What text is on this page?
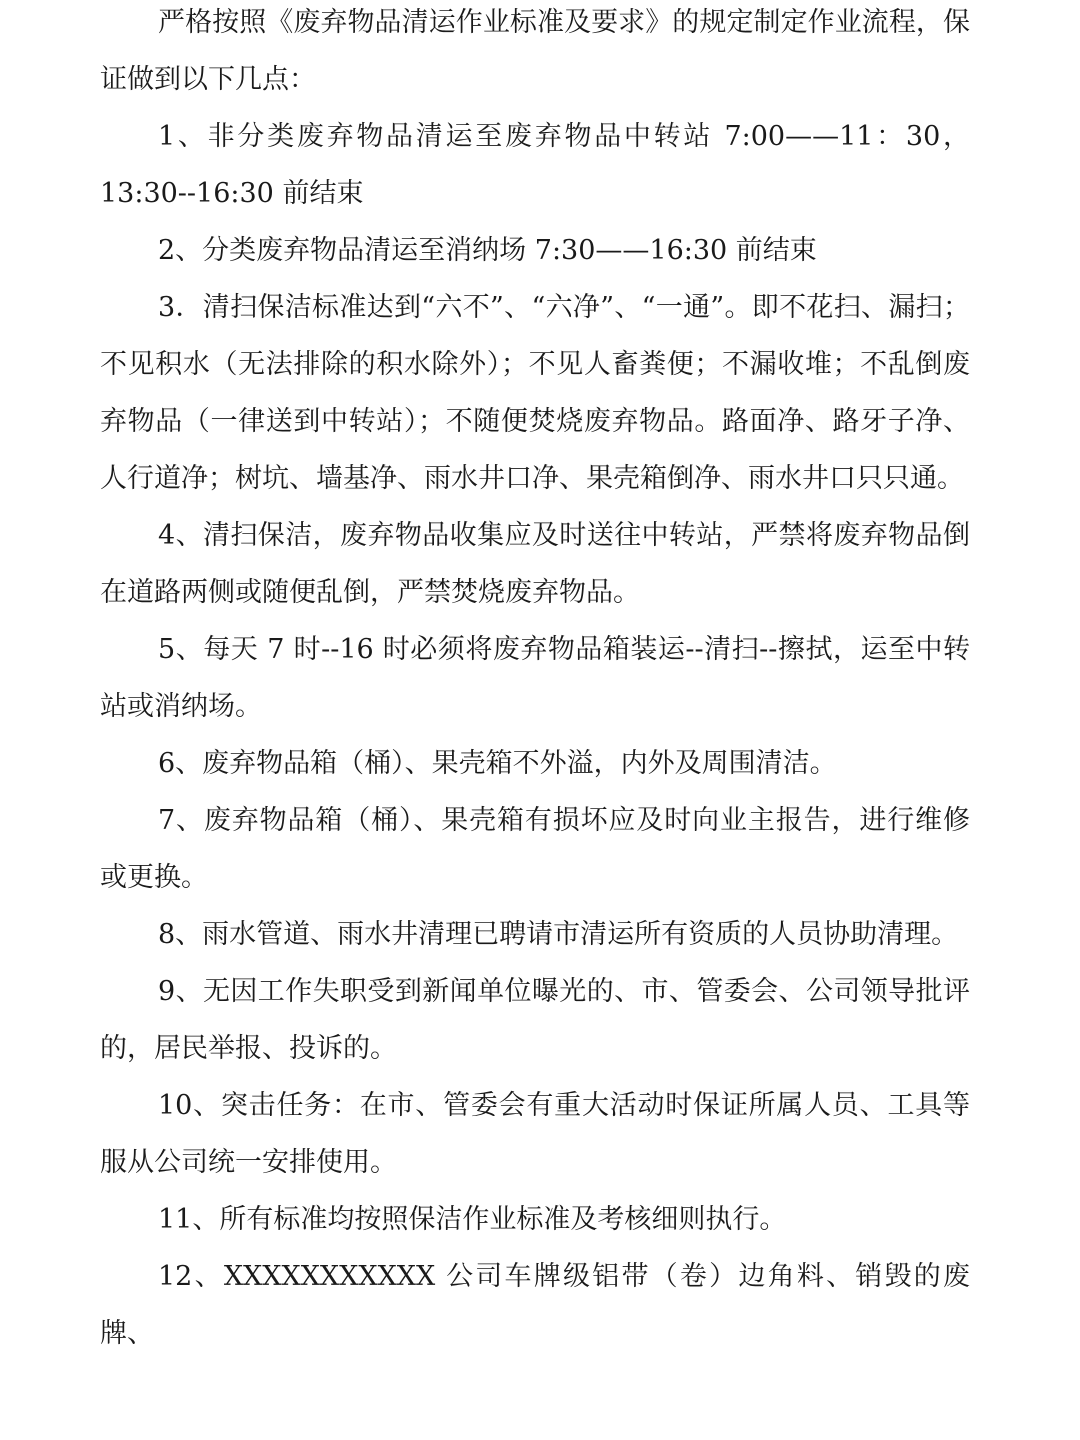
严格按照《废弃物品清运作业标准及要求》的规定制定作业流程，保证做到以下几点：

1、非分类废弃物品清运至废弃物品中转站 7:00——11：30，13:30--16:30 前结束

2、分类废弃物品清运至消纳场 7:30——16:30 前结束

3．清扫保洁标准达到“六不”、“六净”、“一通”。即不花扫、漏扫；不见积水（无法排除的积水除外）；不见人畜粪便；不漏收堆；不乱倒废弃物品（一律送到中转站）；不随便焚烧废弃物品。路面净、路牙子净、人行道净；树坑、墙基净、雨水井口净、果壳箱倒净、雨水井口只只通。

4、清扫保洁，废弃物品收集应及时送往中转站，严禁将废弃物品倒在道路两侧或随便乱倒，严禁焚烧废弃物品。

5、每天 7 时--16 时必须将废弃物品箱装运--清扫--擦拭，运至中转站或消纳场。

6、废弃物品箱（桶）、果壳箱不外溢，内外及周围清洁。

7、废弃物品箱（桶）、果壳箱有损坏应及时向业主报告，进行维修或更换。

8、雨水管道、雨水井清理已聘请市清运所有资质的人员协助清理。

9、无因工作失职受到新闻单位曝光的、市、管委会、公司领导批评的，居民举报、投诉的。

10、突击任务：在市、管委会有重大活动时保证所属人员、工具等服从公司统一安排使用。

11、所有标准均按照保洁作业标准及考核细则执行。

12、XXXXXXXXXXX 公司车牌级铝带（卷）边角料、销毁的废牌、
